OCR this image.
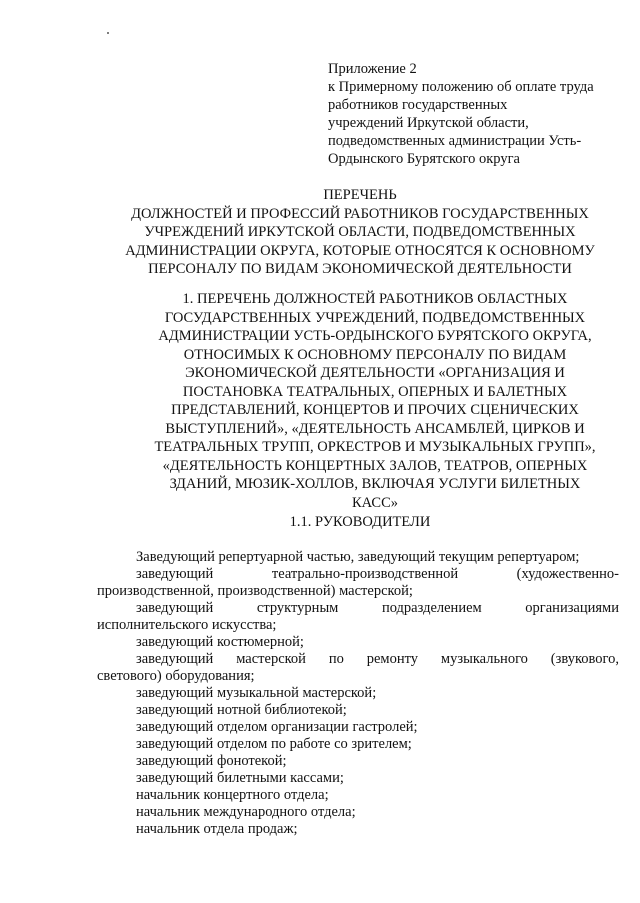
Приложение 2
к Примерному положению об оплате труда
работников государственных
учреждений Иркутской области,
подведомственных администрации Усть-
Ордынского Бурятского округа
ПЕРЕЧЕНЬ
ДОЛЖНОСТЕЙ И ПРОФЕССИЙ РАБОТНИКОВ ГОСУДАРСТВЕННЫХ
УЧРЕЖДЕНИЙ ИРКУТСКОЙ ОБЛАСТИ, ПОДВЕДОМСТВЕННЫХ
АДМИНИСТРАЦИИ ОКРУГА, КОТОРЫЕ ОТНОСЯТСЯ К ОСНОВНОМУ
ПЕРСОНАЛУ ПО ВИДАМ ЭКОНОМИЧЕСКОЙ ДЕЯТЕЛЬНОСТИ
1. ПЕРЕЧЕНЬ ДОЛЖНОСТЕЙ РАБОТНИКОВ ОБЛАСТНЫХ
ГОСУДАРСТВЕННЫХ УЧРЕЖДЕНИЙ, ПОДВЕДОМСТВЕННЫХ
АДМИНИСТРАЦИИ УСТЬ-ОРДЫНСКОГО БУРЯТСКОГО ОКРУГА,
ОТНОСИМЫХ К ОСНОВНОМУ ПЕРСОНАЛУ ПО ВИДАМ
ЭКОНОМИЧЕСКОЙ ДЕЯТЕЛЬНОСТИ «ОРГАНИЗАЦИЯ И
ПОСТАНОВКА ТЕАТРАЛЬНЫХ, ОПЕРНЫХ И БАЛЕТНЫХ
ПРЕДСТАВЛЕНИЙ, КОНЦЕРТОВ И ПРОЧИХ СЦЕНИЧЕСКИХ
ВЫСТУПЛЕНИЙ», «ДЕЯТЕЛЬНОСТЬ АНСАМБЛЕЙ, ЦИРКОВ И
ТЕАТРАЛЬНЫХ ТРУПП, ОРКЕСТРОВ И МУЗЫКАЛЬНЫХ ГРУПП»,
«ДЕЯТЕЛЬНОСТЬ КОНЦЕРТНЫХ ЗАЛОВ, ТЕАТРОВ, ОПЕРНЫХ
ЗДАНИЙ, МЮЗИК-ХОЛЛОВ, ВКЛЮЧАЯ УСЛУГИ БИЛЕТНЫХ
КАСС»
1.1. РУКОВОДИТЕЛИ
Заведующий репертуарной частью, заведующий текущим репертуаром;
заведующий	театрально-производственной	(художественно-
производственной, производственной) мастерской;
заведующий	структурным	подразделением	организациями
исполнительского искусства;
заведующий костюмерной;
заведующий мастерской по ремонту музыкального (звукового,
светового) оборудования;
заведующий музыкальной мастерской;
заведующий нотной библиотекой;
заведующий отделом организации гастролей;
заведующий отделом по работе со зрителем;
заведующий фонотекой;
заведующий билетными кассами;
начальник концертного отдела;
начальник международного отдела;
начальник отдела продаж;
